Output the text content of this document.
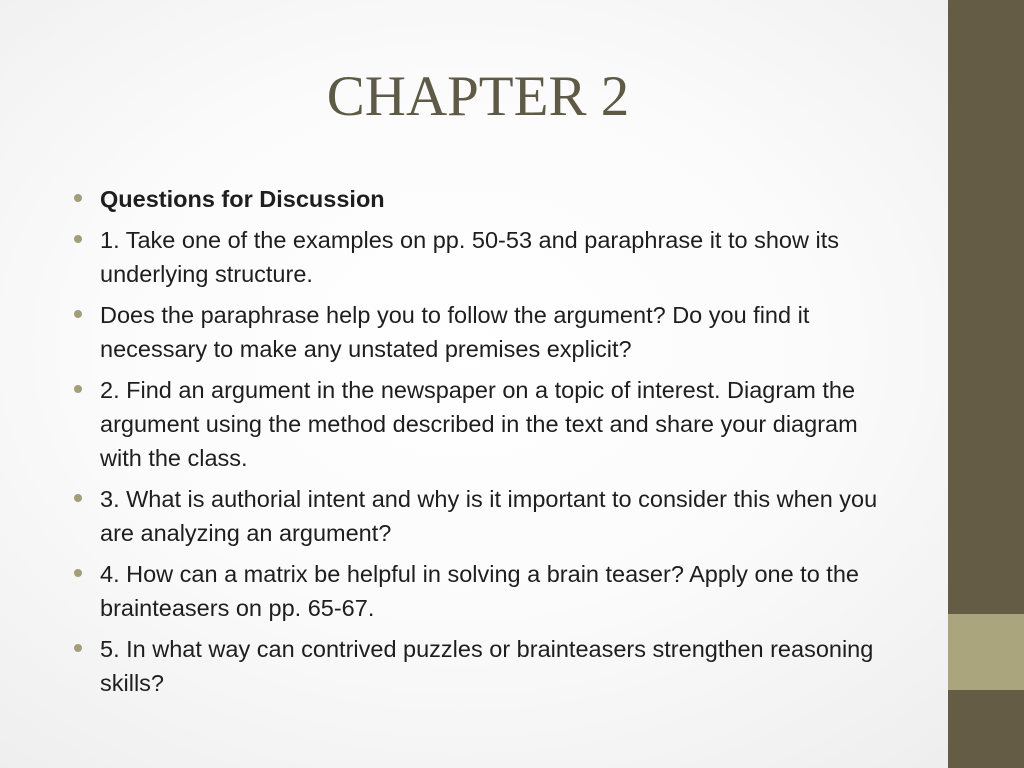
CHAPTER 2
Questions for Discussion
1. Take one of the examples on pp. 50-53 and paraphrase it to show its underlying structure.
Does the paraphrase help you to follow the argument? Do you find it necessary to make any unstated premises explicit?
2. Find an argument in the newspaper on a topic of interest. Diagram the argument using the method described in the text and share your diagram with the class.
3. What is authorial intent and why is it important to consider this when you are analyzing an argument?
4. How can a matrix be helpful in solving a brain teaser? Apply one to the brainteasers on pp. 65-67.
5. In what way can contrived puzzles or brainteasers strengthen reasoning skills?
